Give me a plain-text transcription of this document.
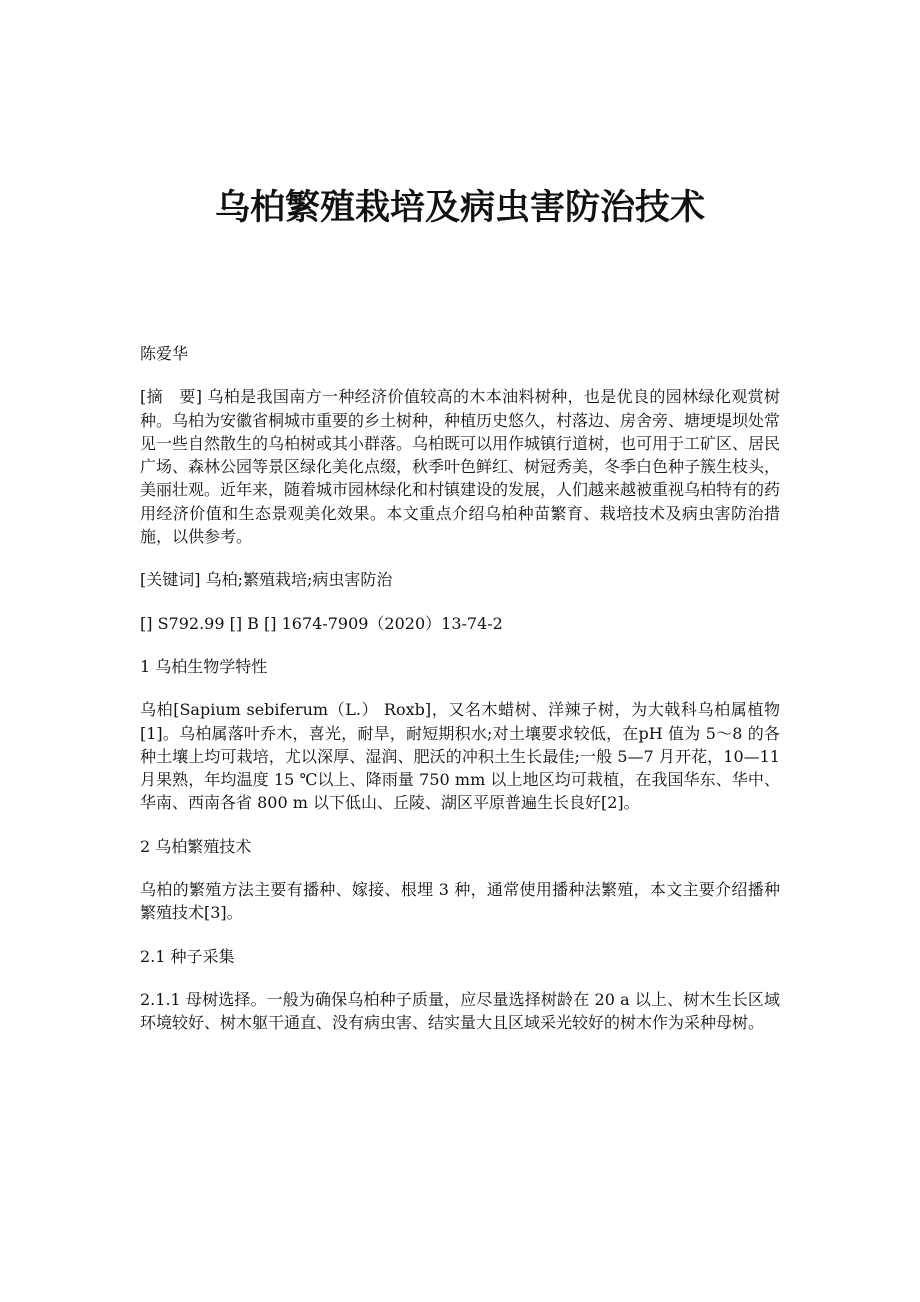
乌柏繁殖栽培及病虫害防治技术

陈爱华

[摘　要] 乌柏是我国南方一种经济价值较高的木本油料树种，也是优良的园林绿化观赏树种。乌柏为安徽省桐城市重要的乡土树种，种植历史悠久，村落边、房舍旁、塘埂堤坝处常见一些自然散生的乌柏树或其小群落。乌柏既可以用作城镇行道树，也可用于工矿区、居民广场、森林公园等景区绿化美化点缀，秋季叶色鲜红、树冠秀美，冬季白色种子簇生枝头，美丽壮观。近年来，随着城市园林绿化和村镇建设的发展，人们越来越被重视乌柏特有的药用经济价值和生态景观美化效果。本文重点介绍乌柏种苗繁育、栽培技术及病虫害防治措施，以供参考。

[关键词] 乌柏;繁殖栽培;病虫害防治

[] S792.99 [] B [] 1674-7909（2020）13-74-2

1 乌柏生物学特性

乌柏[Sapium sebiferum（L.） Roxb]，又名木蜡树、洋辣子树，为大戟科乌柏属植物[1]。乌柏属落叶乔木，喜光，耐旱，耐短期积水;对土壤要求较低，在pH 值为 5～8 的各种土壤上均可栽培，尤以深厚、湿润、肥沃的冲积土生长最佳;一般 5—7 月开花，10—11 月果熟，年均温度 15 ℃以上、降雨量 750 mm 以上地区均可栽植，在我国华东、华中、华南、西南各省 800 m 以下低山、丘陵、湖区平原普遍生长良好[2]。

2 乌柏繁殖技术

乌柏的繁殖方法主要有播种、嫁接、根埋 3 种，通常使用播种法繁殖，本文主要介绍播种繁殖技术[3]。

2.1 种子采集

2.1.1 母树选择。一般为确保乌柏种子质量，应尽量选择树龄在 20 a 以上、树木生长区域环境较好、树木躯干通直、没有病虫害、结实量大且区域采光较好的树木作为采种母树。
